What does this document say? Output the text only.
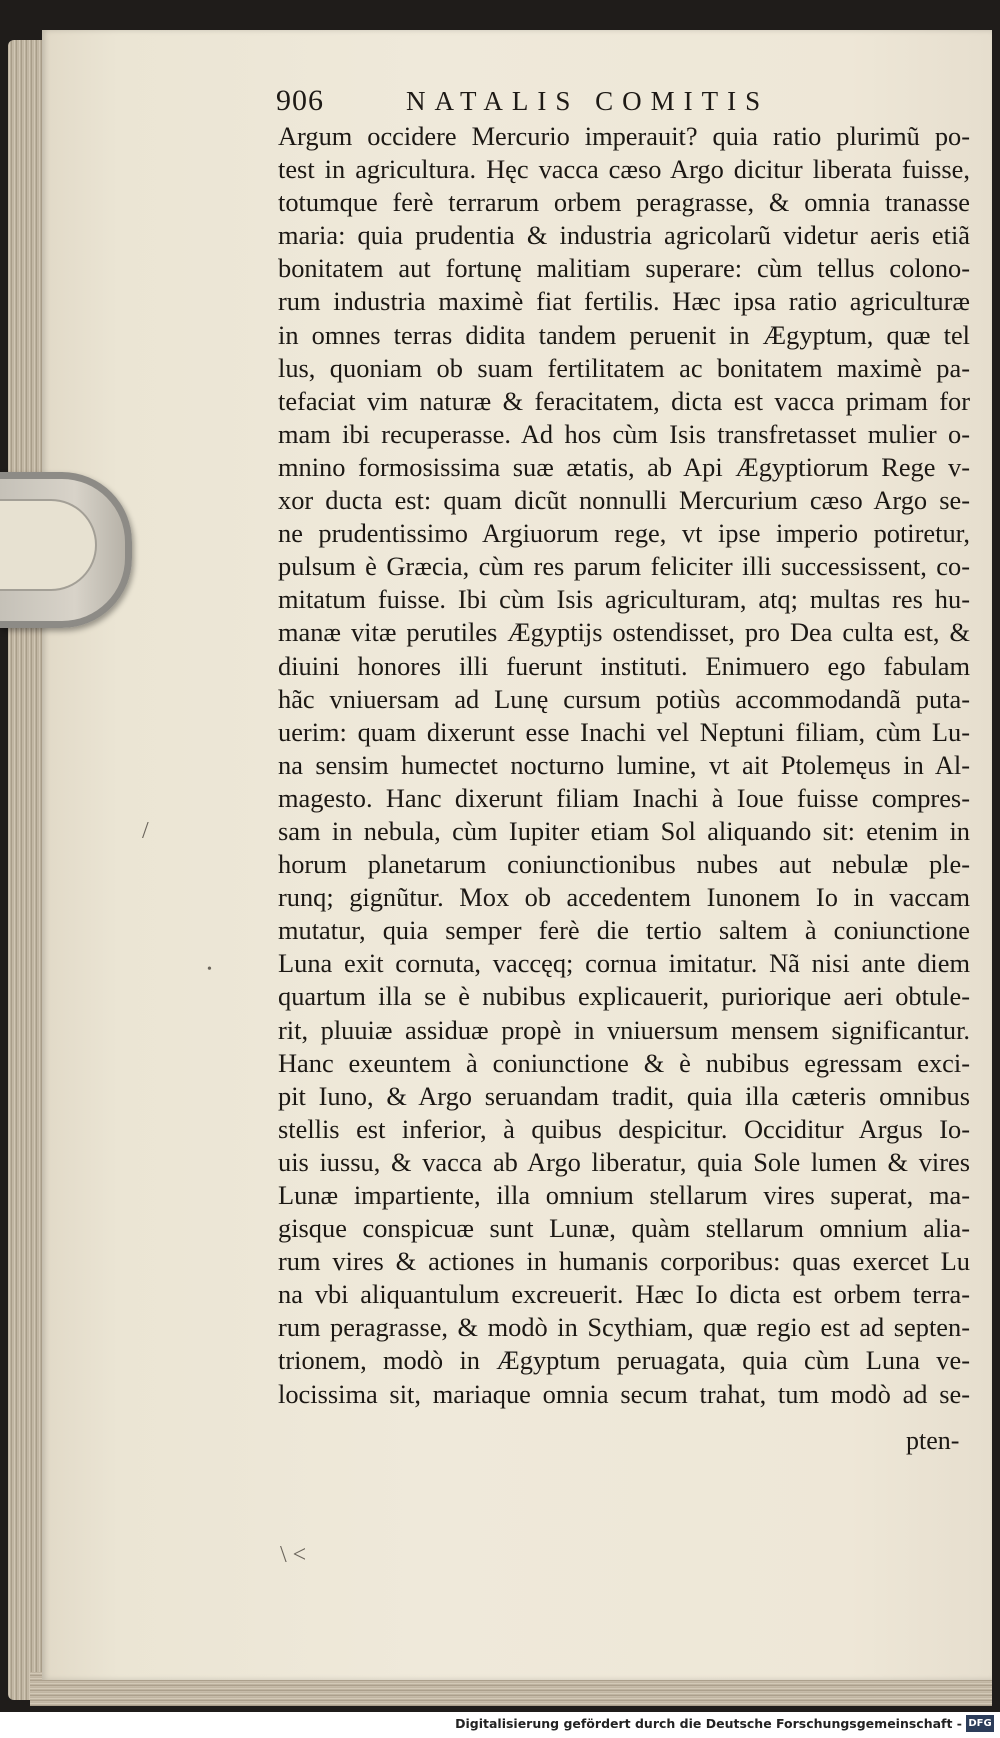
906	NATALIS COMITIS
Argum occidere Mercurio imperauit? quia ratio plurimũ po-
test in agricultura. Hęc vacca cæso Argo dicitur liberata fuisse,
totumque ferè terrarum orbem peragrasse, & omnia tranasse
maria: quia prudentia & industria agricolarũ videtur aeris etiã
bonitatem aut fortunę malitiam superare: cùm tellus colono-
rum industria maximè fiat fertilis. Hæc ipsa ratio agriculturæ
in omnes terras didita tandem peruenit in Ægyptum, quæ tel
lus, quoniam ob suam fertilitatem ac bonitatem maximè pa-
tefaciat vim naturæ & feracitatem, dicta est vacca primam for
mam ibi recuperasse. Ad hos cùm Isis transfretasset mulier o-
mnino formosissima suæ ætatis, ab Api Ægyptiorum Rege v-
xor ducta est: quam dicũt nonnulli Mercurium cæso Argo se-
ne prudentissimo Argiuorum rege, vt ipse imperio potiretur,
pulsum è Græcia, cùm res parum feliciter illi successissent, co-
mitatum fuisse. Ibi cùm Isis agriculturam, atq; multas res hu-
manæ vitæ perutiles Ægyptijs ostendisset, pro Dea culta est, &
diuini honores illi fuerunt instituti. Enimuero ego fabulam
hãc vniuersam ad Lunę cursum potiùs accommodandã puta-
uerim: quam dixerunt esse Inachi vel Neptuni filiam, cùm Lu-
na sensim humectet nocturno lumine, vt ait Ptolemęus in Al-
magesto. Hanc dixerunt filiam Inachi à Ioue fuisse compres-
sam in nebula, cùm Iupiter etiam Sol aliquando sit: etenim in
horum planetarum coniunctionibus nubes aut nebulæ ple-
runq; gignũtur. Mox ob accedentem Iunonem Io in vaccam
mutatur, quia semper ferè die tertio saltem à coniunctione
Luna exit cornuta, vaccęq; cornua imitatur. Nã nisi ante diem
quartum illa se è nubibus explicauerit, puriorique aeri obtule-
rit, pluuiæ assiduæ propè in vniuersum mensem significantur.
Hanc exeuntem à coniunctione & è nubibus egressam exci-
pit Iuno, & Argo seruandam tradit, quia illa cæteris omnibus
stellis est inferior, à quibus despicitur. Occiditur Argus Io-
uis iussu, & vacca ab Argo liberatur, quia Sole lumen & vires
Lunæ impartiente, illa omnium stellarum vires superat, ma-
gisque conspicuæ sunt Lunæ, quàm stellarum omnium alia-
rum vires & actiones in humanis corporibus: quas exercet Lu
na vbi aliquantulum excreuerit. Hæc Io dicta est orbem terra-
rum peragrasse, & modò in Scythiam, quæ regio est ad septen-
trionem, modò in Ægyptum peruagata, quia cùm Luna ve-
locissima sit, mariaque omnia secum trahat, tum modò ad se-
pten-
/
•
\ <
Digitalisierung gefördert durch die Deutsche Forschungsgemeinschaft - DFG
